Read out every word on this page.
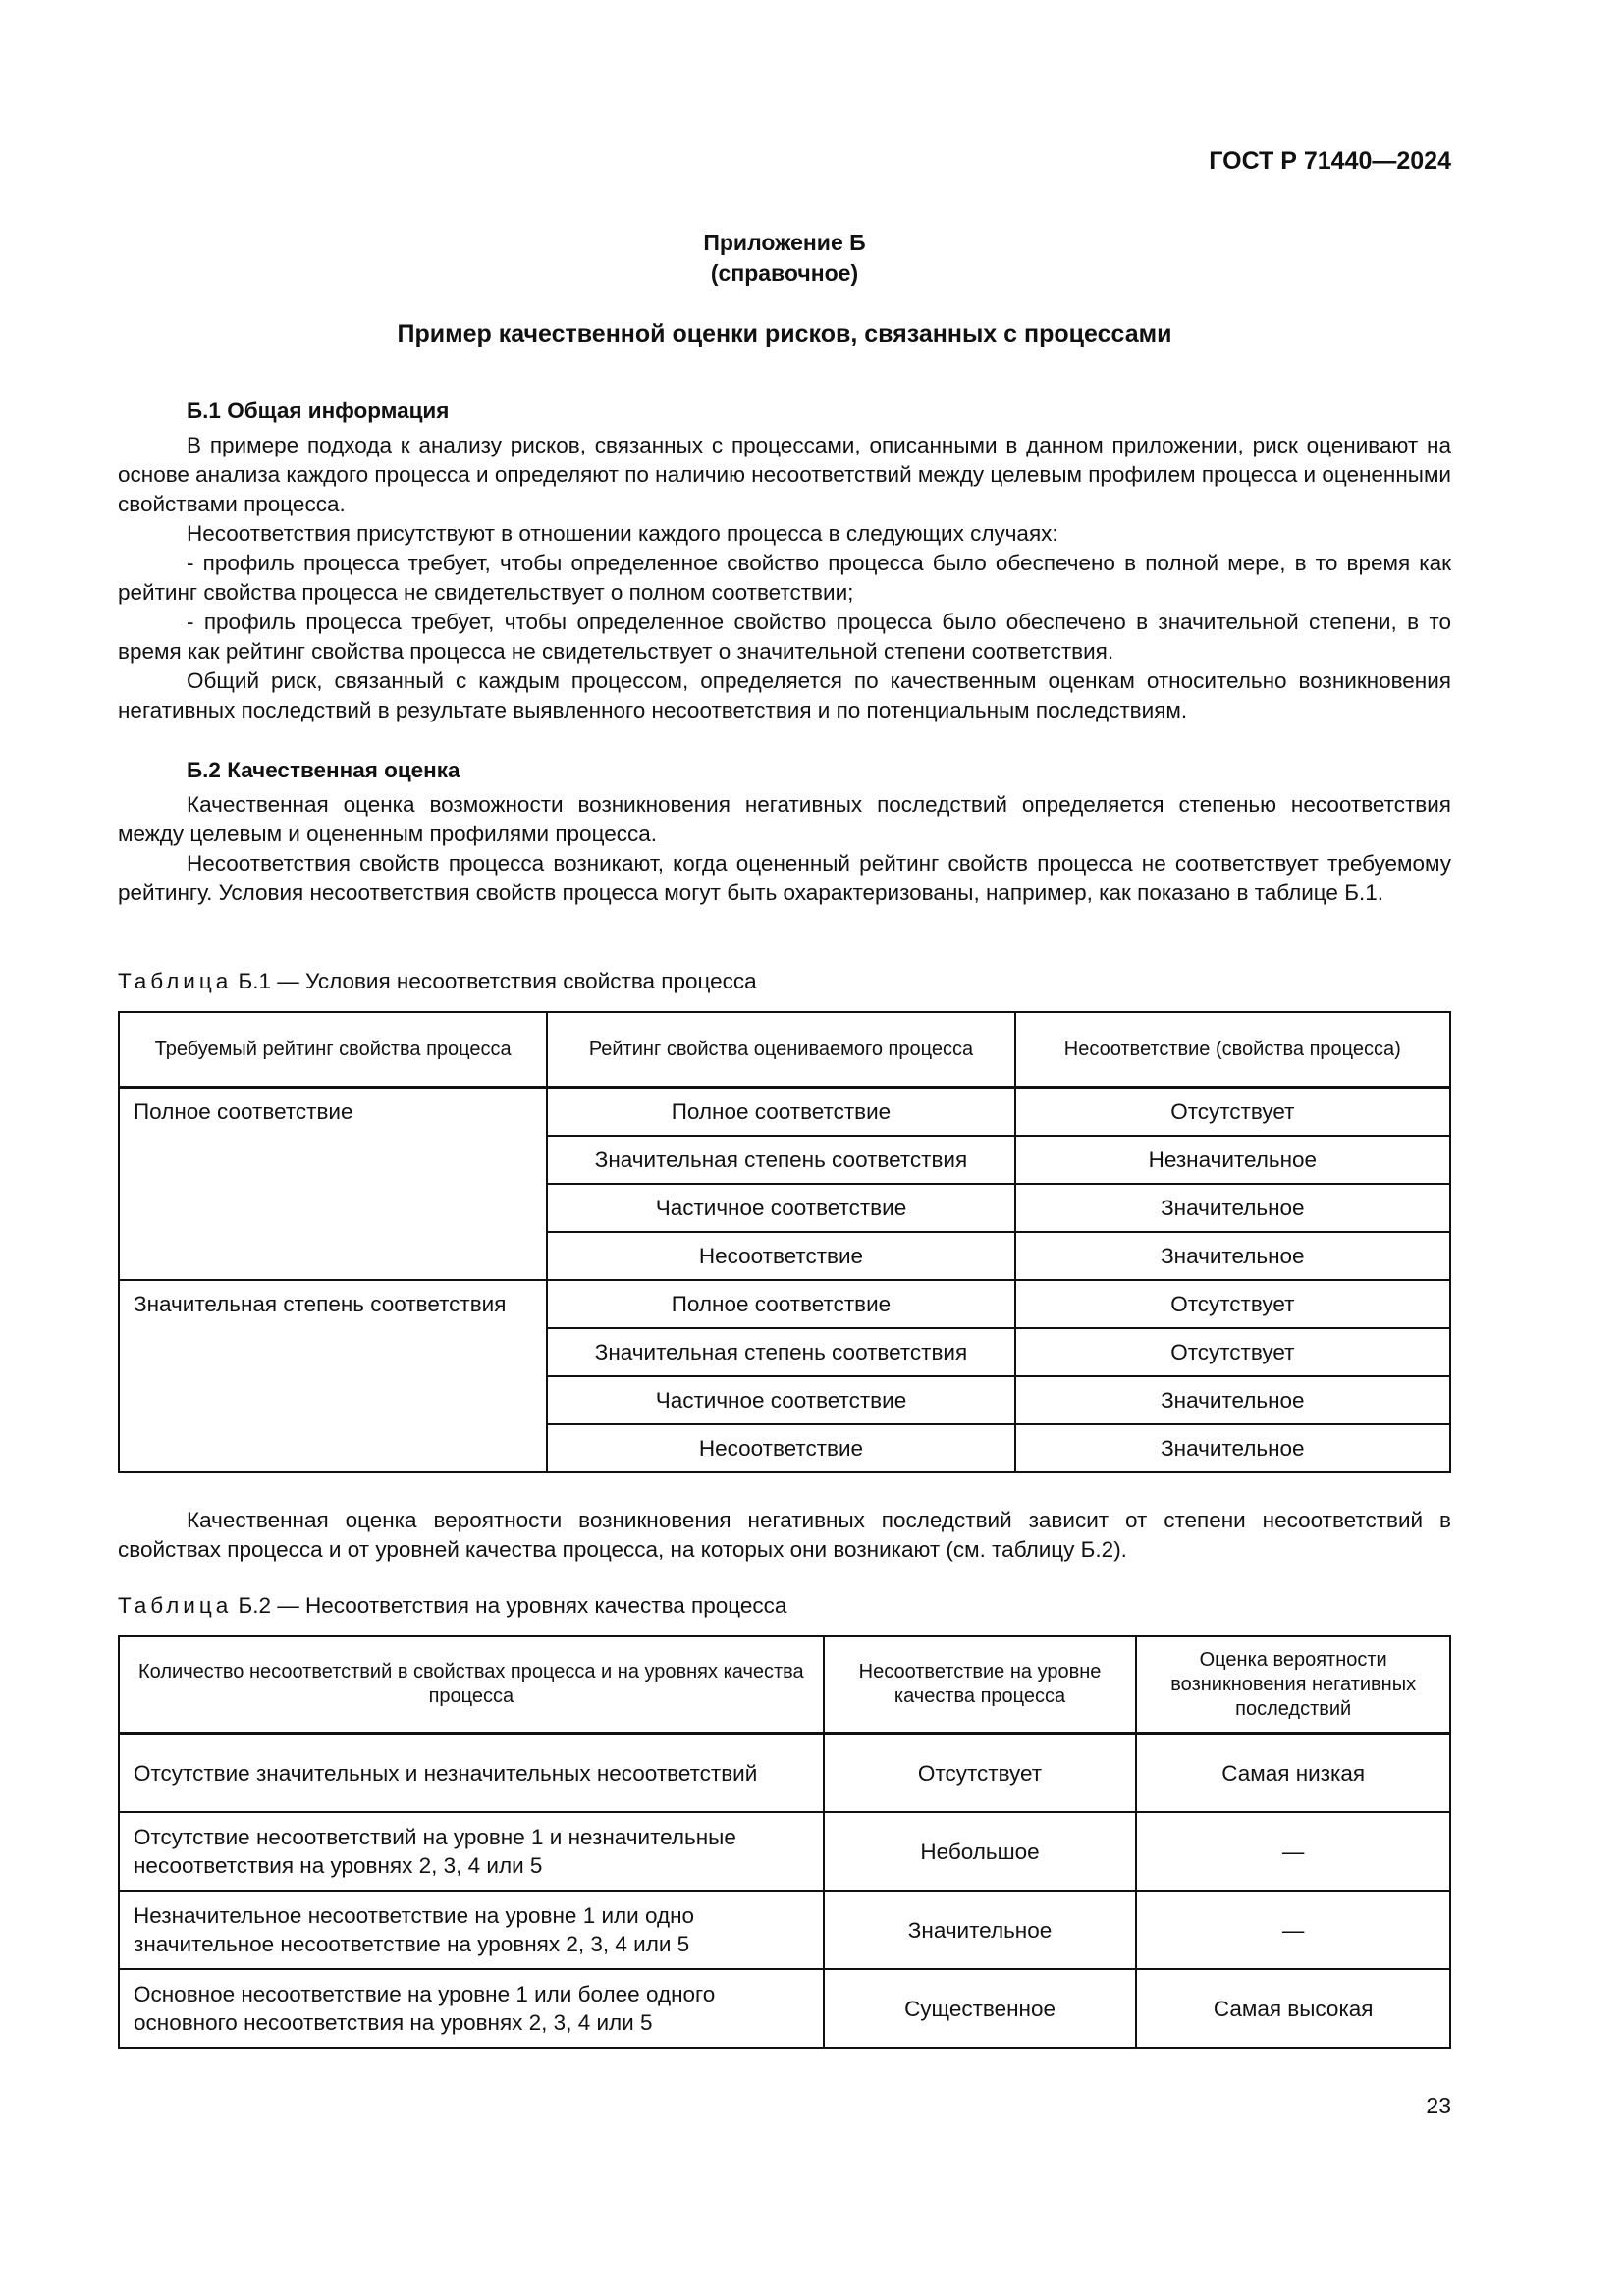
ГОСТ Р 71440—2024
Приложение Б
(справочное)
Пример качественной оценки рисков, связанных с процессами
Б.1 Общая информация

В примере подхода к анализу рисков, связанных с процессами, описанными в данном приложении, риск оценивают на основе анализа каждого процесса и определяют по наличию несоответствий между целевым профилем процесса и оцененными свойствами процесса.

Несоответствия присутствуют в отношении каждого процесса в следующих случаях:

- профиль процесса требует, чтобы определенное свойство процесса было обеспечено в полной мере, в то время как рейтинг свойства процесса не свидетельствует о полном соответствии;

- профиль процесса требует, чтобы определенное свойство процесса было обеспечено в значительной степени, в то время как рейтинг свойства процесса не свидетельствует о значительной степени соответствия.

Общий риск, связанный с каждым процессом, определяется по качественным оценкам относительно возникновения негативных последствий в результате выявленного несоответствия и по потенциальным последствиям.

Б.2 Качественная оценка

Качественная оценка возможности возникновения негативных последствий определяется степенью несоответствия между целевым и оцененным профилями процесса.

Несоответствия свойств процесса возникают, когда оцененный рейтинг свойств процесса не соответствует требуемому рейтингу. Условия несоответствия свойств процесса могут быть охарактеризованы, например, как показано в таблице Б.1.

Таблица Б.1 — Условия несоответствия свойства процесса
Требуемый рейтинг свойства процесса	Рейтинг свойства оцениваемого процесса	Несоответствие (свойства процесса)
Полное соответствие	Полное соответствие	Отсутствует
	Значительная степень соответствия	Незначительное
	Частичное соответствие	Значительное
	Несоответствие	Значительное
Значительная степень соответствия	Полное соответствие	Отсутствует
	Значительная степень соответствия	Отсутствует
	Частичное соответствие	Значительное
	Несоответствие	Значительное

Качественная оценка вероятности возникновения негативных последствий зависит от степени несоответствий в свойствах процесса и от уровней качества процесса, на которых они возникают (см. таблицу Б.2).

Таблица Б.2 — Несоответствия на уровнях качества процесса
Количество несоответствий в свойствах процесса и на уровнях качества процесса	Несоответствие на уровне качества процесса	Оценка вероятности возникновения негативных последствий
Отсутствие значительных и незначительных несоответствий	Отсутствует	Самая низкая
Отсутствие несоответствий на уровне 1 и незначительные несоответствия на уровнях 2, 3, 4 или 5	Небольшое	—
Незначительное несоответствие на уровне 1 или одно значительное несоответствие на уровнях 2, 3, 4 или 5	Значительное	—
Основное несоответствие на уровне 1 или более одного основного несоответствия на уровнях 2, 3, 4 или 5	Существенное	Самая высокая
23
